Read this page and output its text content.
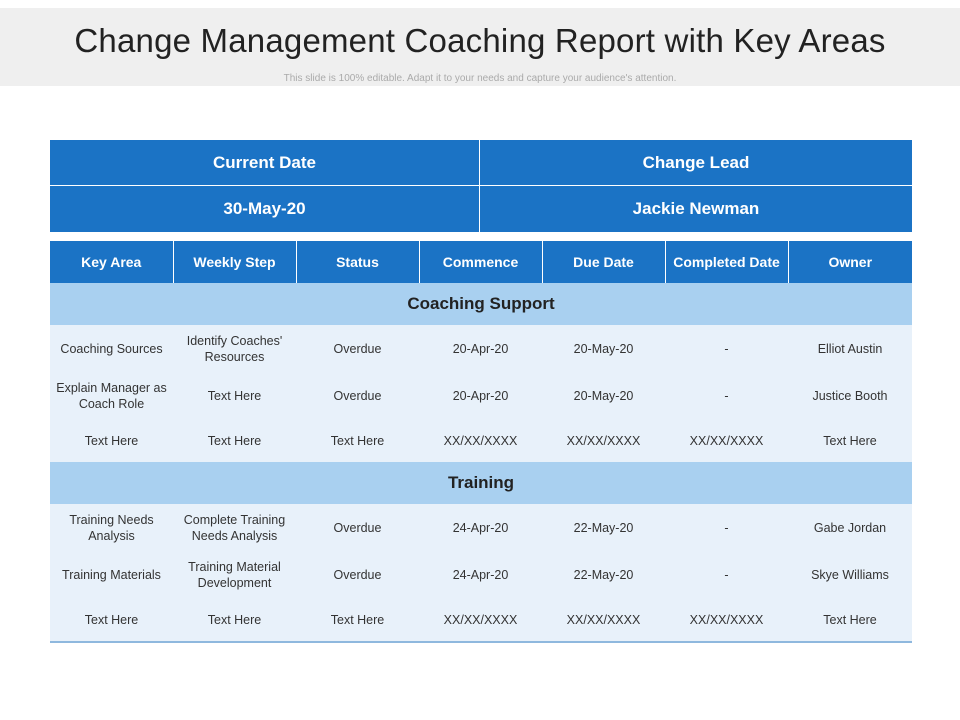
Change Management Coaching Report with Key Areas
This slide is 100% editable. Adapt it to your needs and capture your audience's attention.
Current Date	Change Lead
30-May-20	Jackie Newman
Key Area	Weekly Step	Status	Commence	Due Date	Completed Date	Owner
Coaching Support						
Coaching Sources	Identify Coaches' Resources	Overdue	20-Apr-20	20-May-20	-	Elliot Austin
Explain Manager as Coach Role	Text Here	Overdue	20-Apr-20	20-May-20	-	Justice Booth
Text Here	Text Here	Text Here	XX/XX/XXXX	XX/XX/XXXX	XX/XX/XXXX	Text Here
Training						
Training Needs Analysis	Complete Training Needs Analysis	Overdue	24-Apr-20	22-May-20	-	Gabe Jordan
Training Materials	Training Material Development	Overdue	24-Apr-20	22-May-20	-	Skye Williams
Text Here	Text Here	Text Here	XX/XX/XXXX	XX/XX/XXXX	XX/XX/XXXX	Text Here
